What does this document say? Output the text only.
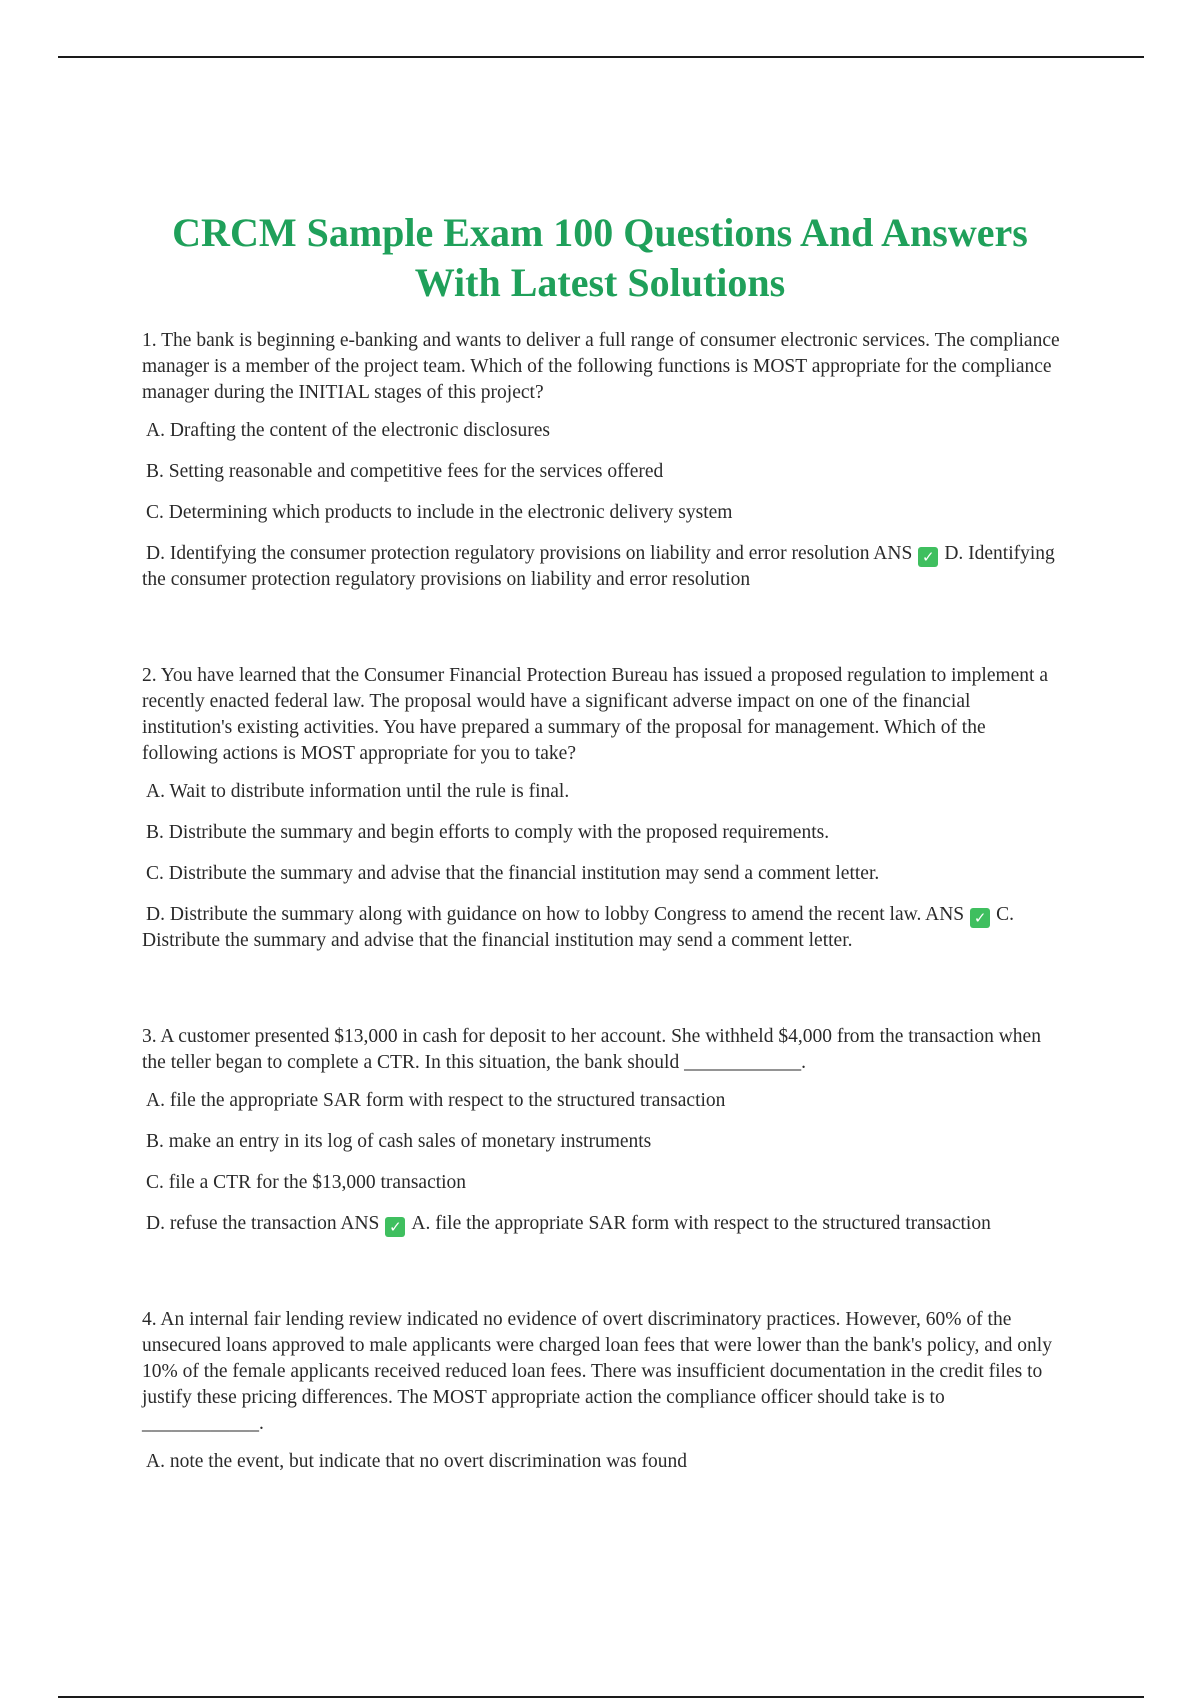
CRCM Sample Exam 100 Questions And Answers
With Latest Solutions

1. The bank is beginning e-banking and wants to deliver a full range of consumer electronic services. The compliance manager is a member of the project team. Which of the following functions is MOST appropriate for the compliance manager during the INITIAL stages of this project?

A. Drafting the content of the electronic disclosures
B. Setting reasonable and competitive fees for the services offered
C. Determining which products to include in the electronic delivery system
D. Identifying the consumer protection regulatory provisions on liability and error resolution ANS ✓ D. Identifying the consumer protection regulatory provisions on liability and error resolution

2. You have learned that the Consumer Financial Protection Bureau has issued a proposed regulation to implement a recently enacted federal law. The proposal would have a significant adverse impact on one of the financial institution's existing activities. You have prepared a summary of the proposal for management. Which of the following actions is MOST appropriate for you to take?

A. Wait to distribute information until the rule is final.
B. Distribute the summary and begin efforts to comply with the proposed requirements.
C. Distribute the summary and advise that the financial institution may send a comment letter.
D. Distribute the summary along with guidance on how to lobby Congress to amend the recent law. ANS ✓ C. Distribute the summary and advise that the financial institution may send a comment letter.

3. A customer presented $13,000 in cash for deposit to her account. She withheld $4,000 from the transaction when the teller began to complete a CTR. In this situation, the bank should ____________.

A. file the appropriate SAR form with respect to the structured transaction
B. make an entry in its log of cash sales of monetary instruments
C. file a CTR for the $13,000 transaction
D. refuse the transaction ANS ✓ A. file the appropriate SAR form with respect to the structured transaction

4. An internal fair lending review indicated no evidence of overt discriminatory practices. However, 60% of the unsecured loans approved to male applicants were charged loan fees that were lower than the bank's policy, and only 10% of the female applicants received reduced loan fees. There was insufficient documentation in the credit files to justify these pricing differences. The MOST appropriate action the compliance officer should take is to ____________.

A. note the event, but indicate that no overt discrimination was found
